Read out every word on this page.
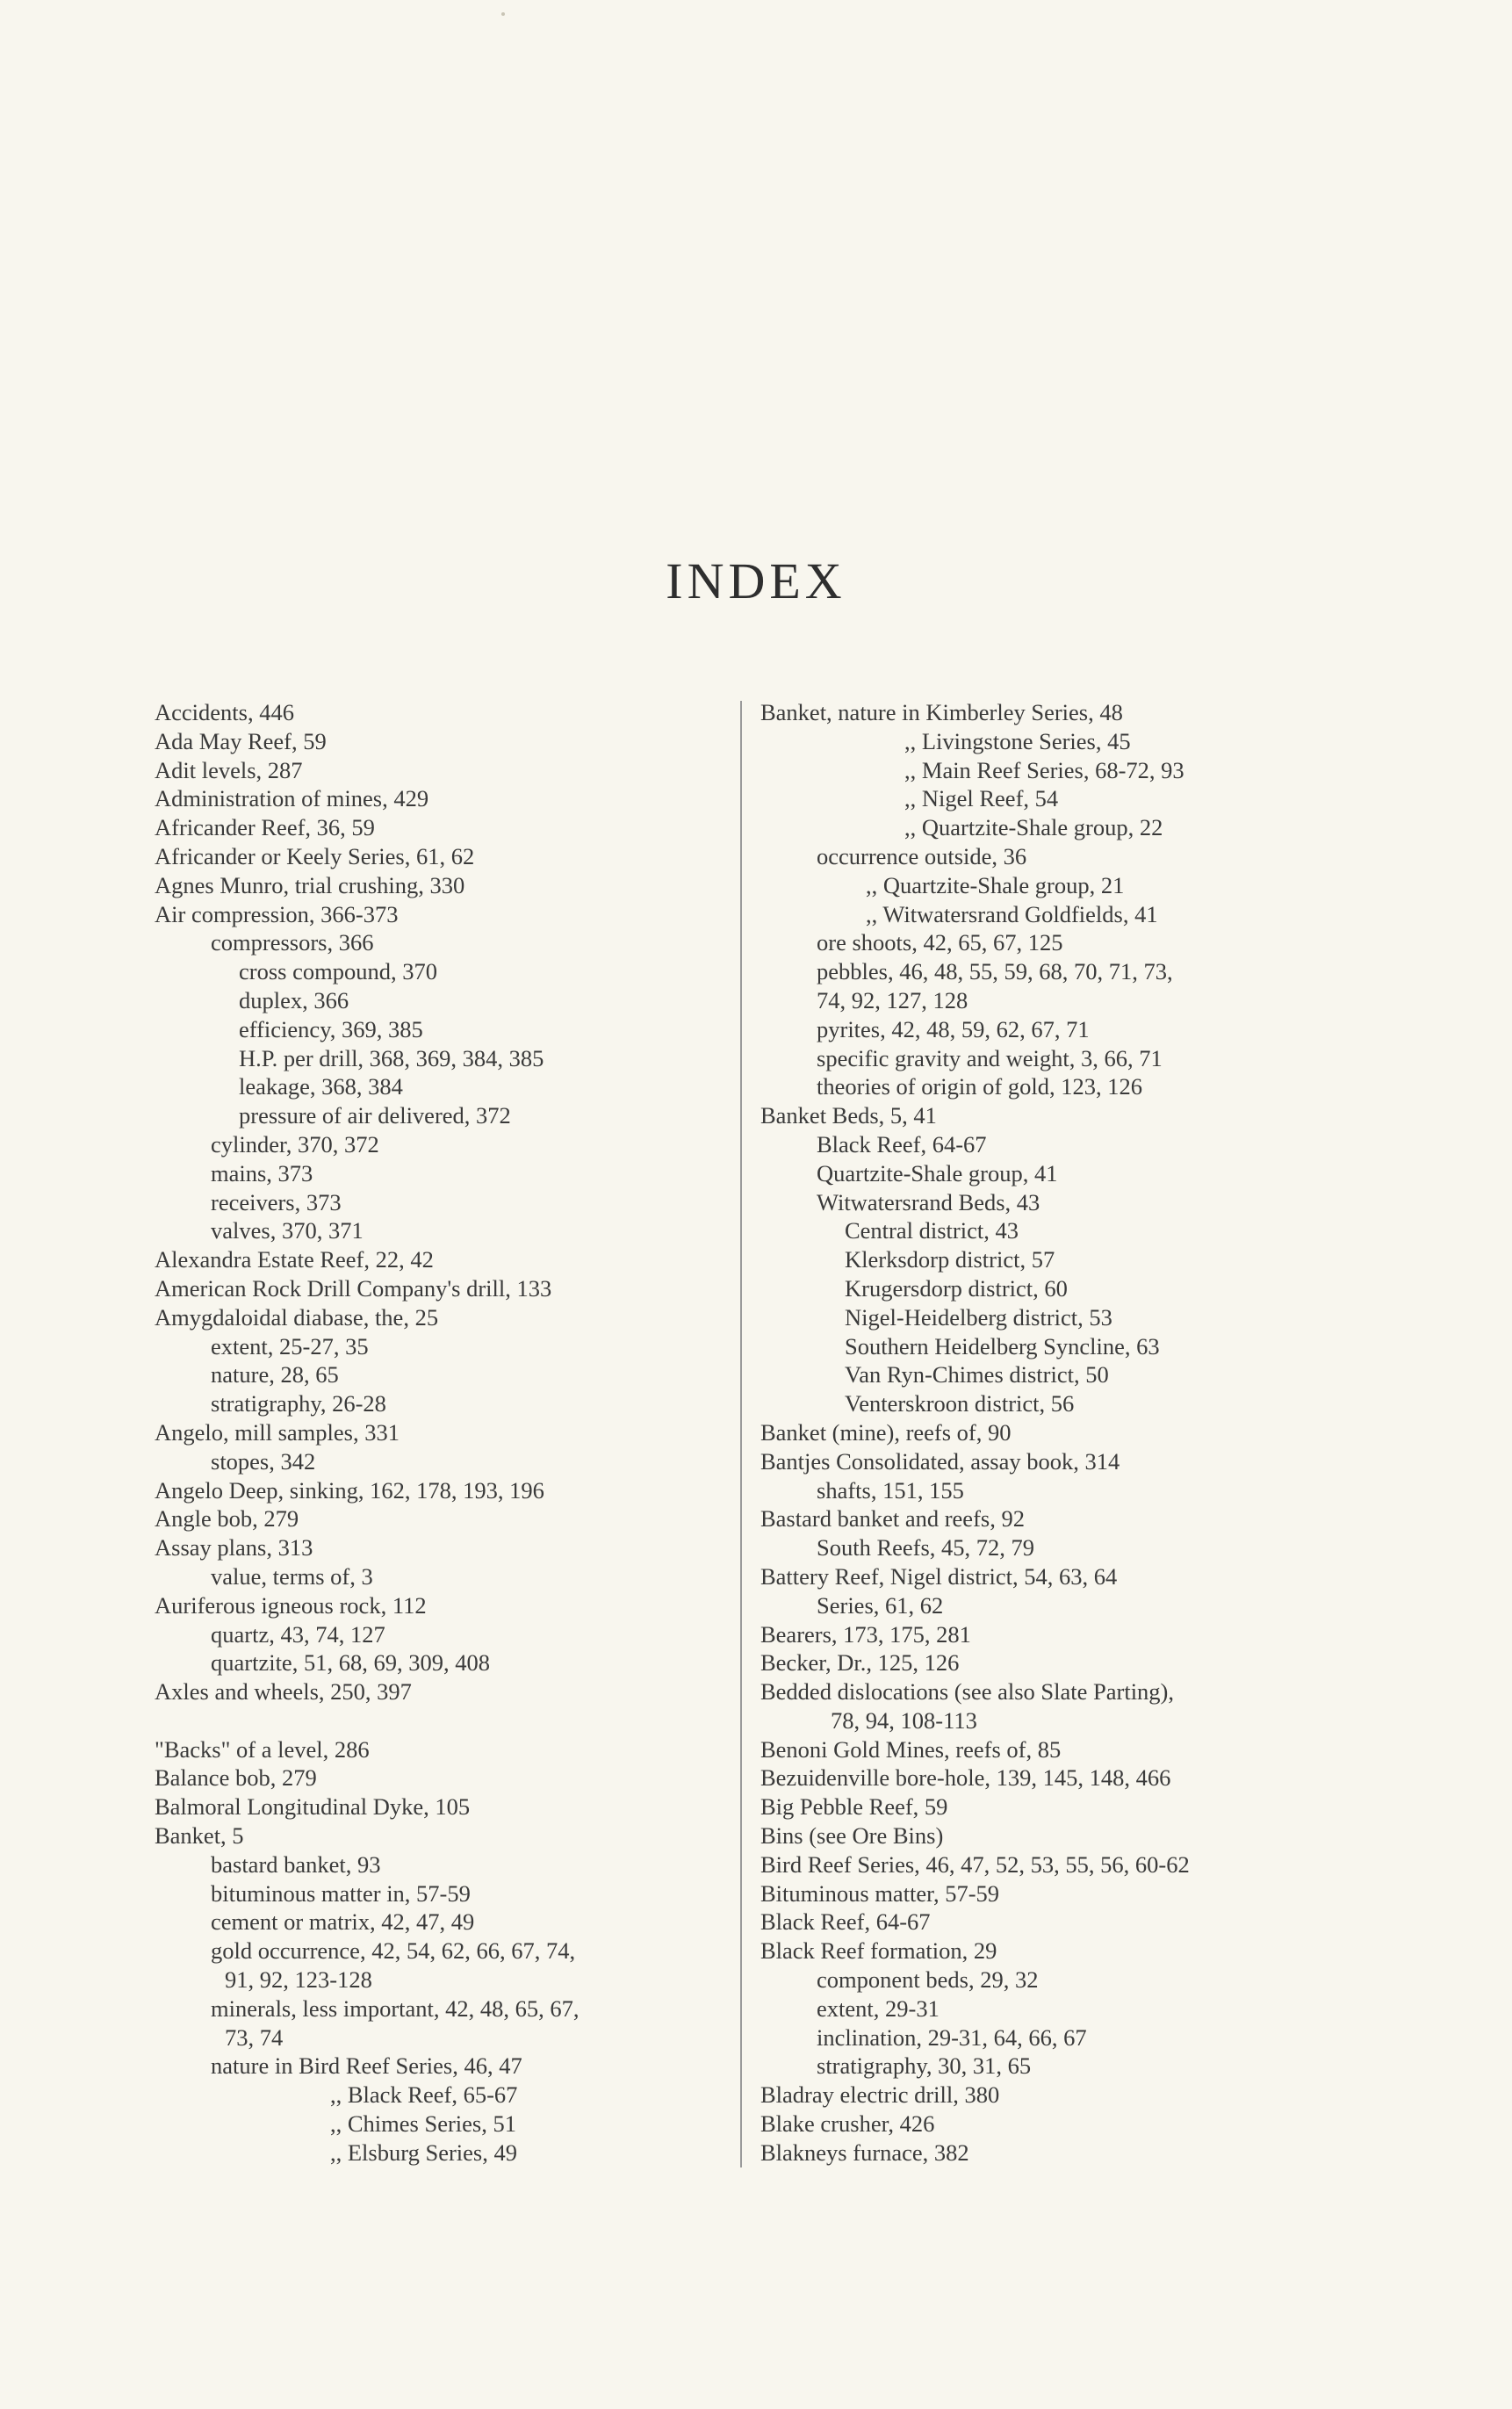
INDEX
Accidents, 446
Ada May Reef, 59
Adit levels, 287
Administration of mines, 429
Africander Reef, 36, 59
Africander or Keely Series, 61, 62
Agnes Munro, trial crushing, 330
Air compression, 366-373
compressors, 366
cross compound, 370
duplex, 366
efficiency, 369, 385
H.P. per drill, 368, 369, 384, 385
leakage, 368, 384
pressure of air delivered, 372
cylinder, 370, 372
mains, 373
receivers, 373
valves, 370, 371
Alexandra Estate Reef, 22, 42
American Rock Drill Company's drill, 133
Amygdaloidal diabase, the, 25
extent, 25-27, 35
nature, 28, 65
stratigraphy, 26-28
Angelo, mill samples, 331
stopes, 342
Angelo Deep, sinking, 162, 178, 193, 196
Angle bob, 279
Assay plans, 313
value, terms of, 3
Auriferous igneous rock, 112
quartz, 43, 74, 127
quartzite, 51, 68, 69, 309, 408
Axles and wheels, 250, 397
"Backs" of a level, 286
Balance bob, 279
Balmoral Longitudinal Dyke, 105
Banket, 5
bastard banket, 93
bituminous matter in, 57-59
cement or matrix, 42, 47, 49
gold occurrence, 42, 54, 62, 66, 67, 74,
91, 92, 123-128
minerals, less important, 42, 48, 65, 67,
73, 74
nature in Bird Reef Series, 46, 47
,, Black Reef, 65-67
,, Chimes Series, 51
,, Elsburg Series, 49
Banket, nature in Kimberley Series, 48
,, Livingstone Series, 45
,, Main Reef Series, 68-72, 93
,, Nigel Reef, 54
,, Quartzite-Shale group, 22
occurrence outside, 36
,, Quartzite-Shale group, 21
,, Witwatersrand Goldfields, 41
ore shoots, 42, 65, 67, 125
pebbles, 46, 48, 55, 59, 68, 70, 71, 73,
74, 92, 127, 128
pyrites, 42, 48, 59, 62, 67, 71
specific gravity and weight, 3, 66, 71
theories of origin of gold, 123, 126
Banket Beds, 5, 41
Black Reef, 64-67
Quartzite-Shale group, 41
Witwatersrand Beds, 43
Central district, 43
Klerksdorp district, 57
Krugersdorp district, 60
Nigel-Heidelberg district, 53
Southern Heidelberg Syncline, 63
Van Ryn-Chimes district, 50
Venterskroon district, 56
Banket (mine), reefs of, 90
Bantjes Consolidated, assay book, 314
shafts, 151, 155
Bastard banket and reefs, 92
South Reefs, 45, 72, 79
Battery Reef, Nigel district, 54, 63, 64
Series, 61, 62
Bearers, 173, 175, 281
Becker, Dr., 125, 126
Bedded dislocations (see also Slate Parting),
78, 94, 108-113
Benoni Gold Mines, reefs of, 85
Bezuidenville bore-hole, 139, 145, 148, 466
Big Pebble Reef, 59
Bins (see Ore Bins)
Bird Reef Series, 46, 47, 52, 53, 55, 56, 60-62
Bituminous matter, 57-59
Black Reef, 64-67
Black Reef formation, 29
component beds, 29, 32
extent, 29-31
inclination, 29-31, 64, 66, 67
stratigraphy, 30, 31, 65
Bladray electric drill, 380
Blake crusher, 426
Blakneys furnace, 382
